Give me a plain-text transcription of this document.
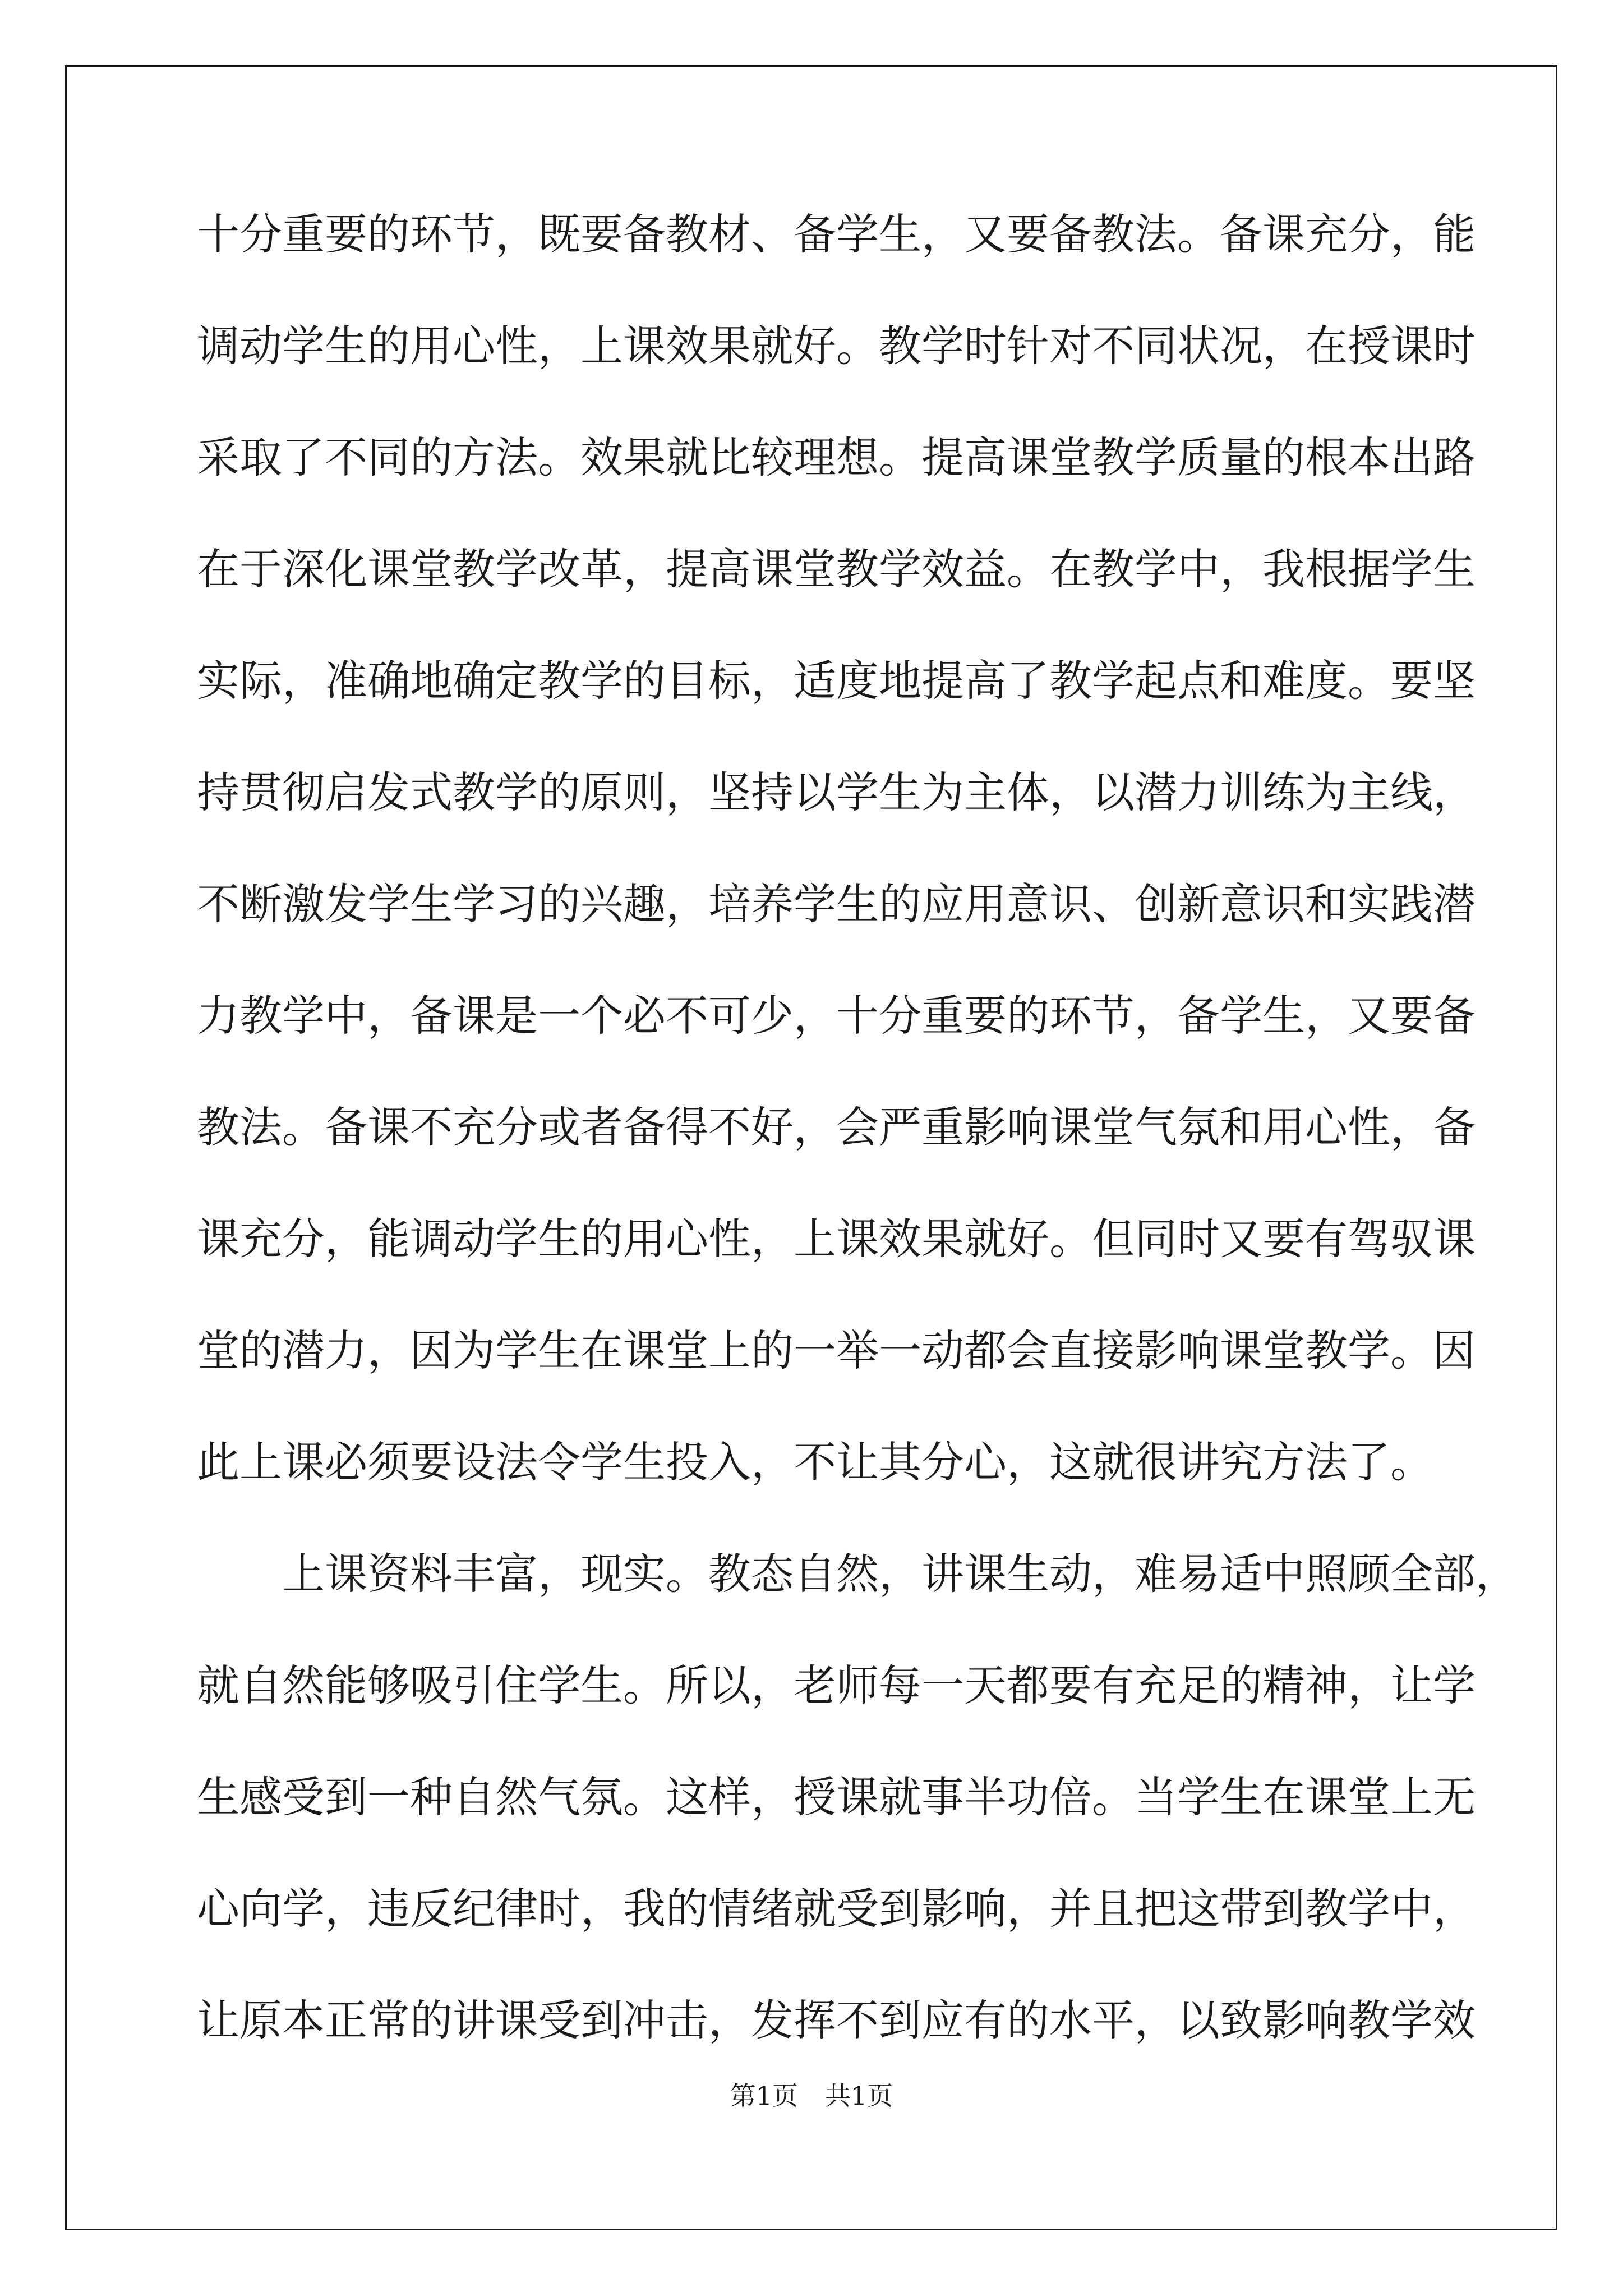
十分重要的环节，既要备教材、备学生，又要备教法。备课充分，能
调动学生的用心性，上课效果就好。教学时针对不同状况，在授课时
采取了不同的方法。效果就比较理想。提高课堂教学质量的根本出路
在于深化课堂教学改革，提高课堂教学效益。在教学中，我根据学生
实际，准确地确定教学的目标，适度地提高了教学起点和难度。要坚
持贯彻启发式教学的原则，坚持以学生为主体，以潜力训练为主线，
不断激发学生学习的兴趣，培养学生的应用意识、创新意识和实践潜
力教学中，备课是一个必不可少，十分重要的环节，备学生，又要备
教法。备课不充分或者备得不好，会严重影响课堂气氛和用心性，备
课充分，能调动学生的用心性，上课效果就好。但同时又要有驾驭课
堂的潜力，因为学生在课堂上的一举一动都会直接影响课堂教学。因
此上课必须要设法令学生投入，不让其分心，这就很讲究方法了。
　　上课资料丰富，现实。教态自然，讲课生动，难易适中照顾全部，
就自然能够吸引住学生。所以，老师每一天都要有充足的精神，让学
生感受到一种自然气氛。这样，授课就事半功倍。当学生在课堂上无
心向学，违反纪律时，我的情绪就受到影响，并且把这带到教学中，
让原本正常的讲课受到冲击，发挥不到应有的水平，以致影响教学效
第1页 共1页
